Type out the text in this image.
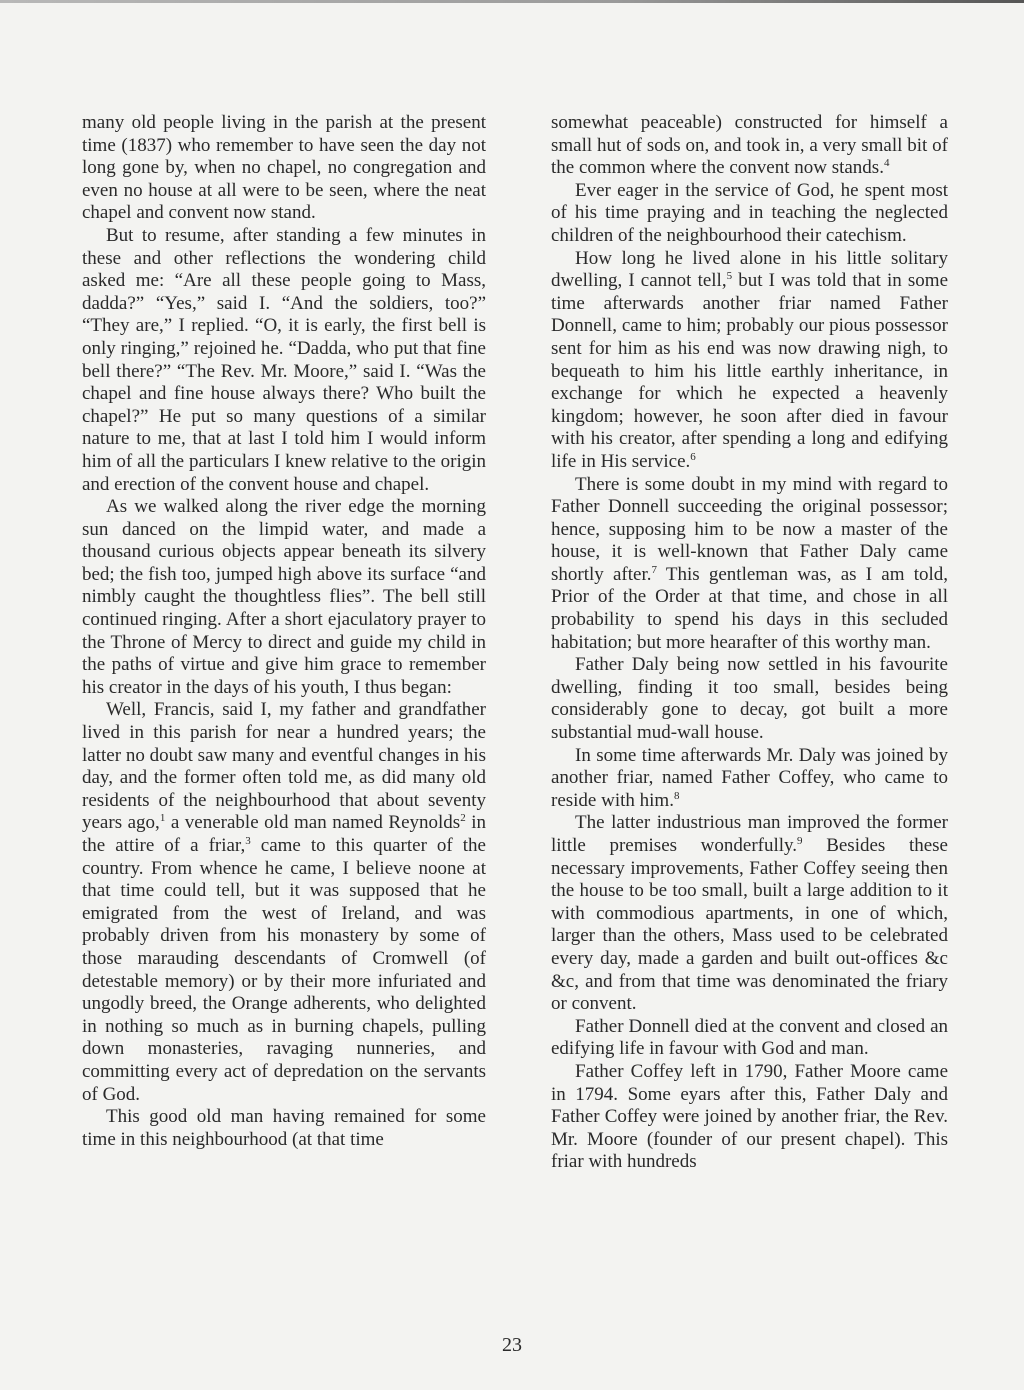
many old people living in the parish at the present time (1837) who remember to have seen the day not long gone by, when no chapel, no congregation and even no house at all were to be seen, where the neat chapel and convent now stand.

But to resume, after standing a few minutes in these and other reflections the wondering child asked me: “Are all these people going to Mass, dadda?” “Yes,” said I. “And the soldiers, too?” “They are,” I replied. “O, it is early, the first bell is only ringing,” rejoined he. “Dadda, who put that fine bell there?” “The Rev. Mr. Moore,” said I. “Was the chapel and fine house always there? Who built the chapel?” He put so many questions of a similar nature to me, that at last I told him I would inform him of all the particulars I knew relative to the origin and erection of the convent house and chapel.

As we walked along the river edge the morning sun danced on the limpid water, and made a thousand curious objects appear beneath its silvery bed; the fish too, jumped high above its surface “and nimbly caught the thoughtless flies”. The bell still continued ringing. After a short ejaculatory prayer to the Throne of Mercy to direct and guide my child in the paths of virtue and give him grace to remember his creator in the days of his youth, I thus began:

Well, Francis, said I, my father and grandfather lived in this parish for near a hundred years; the latter no doubt saw many and eventful changes in his day, and the former often told me, as did many old residents of the neighbourhood that about seventy years ago,$^1$ a venerable old man named Reynolds$^2$ in the attire of a friar,$^3$ came to this quarter of the country. From whence he came, I believe noone at that time could tell, but it was supposed that he emigrated from the west of Ireland, and was probably driven from his monastery by some of those marauding descendants of Cromwell (of detestable memory) or by their more infuriated and ungodly breed, the Orange adherents, who delighted in nothing so much as in burning chapels, pulling down monasteries, ravaging nunneries, and committing every act of depredation on the servants of God.

This good old man having remained for some time in this neighbourhood (at that time

somewhat peaceable) constructed for himself a small hut of sods on, and took in, a very small bit of the common where the convent now stands.$^4$

Ever eager in the service of God, he spent most of his time praying and in teaching the neglected children of the neighbourhood their catechism.

How long he lived alone in his little solitary dwelling, I cannot tell,$^5$ but I was told that in some time afterwards another friar named Father Donnell, came to him; probably our pious possessor sent for him as his end was now drawing nigh, to bequeath to him his little earthly inheritance, in exchange for which he expected a heavenly kingdom; however, he soon after died in favour with his creator, after spending a long and edifying life in His service.$^6$

There is some doubt in my mind with regard to Father Donnell succeeding the original possessor; hence, supposing him to be now a master of the house, it is well-known that Father Daly came shortly after.$^7$ This gentleman was, as I am told, Prior of the Order at that time, and chose in all probability to spend his days in this secluded habitation; but more hearafter of this worthy man.

Father Daly being now settled in his favourite dwelling, finding it too small, besides being considerably gone to decay, got built a more substantial mud-wall house.

In some time afterwards Mr. Daly was joined by another friar, named Father Coffey, who came to reside with him.$^8$

The latter industrious man improved the former little premises wonderfully.$^9$ Besides these necessary improvements, Father Coffey seeing then the house to be too small, built a large addition to it with commodious apartments, in one of which, larger than the others, Mass used to be celebrated every day, made a garden and built out-offices &c &c, and from that time was denominated the friary or convent.

Father Donnell died at the convent and closed an edifying life in favour with God and man.

Father Coffey left in 1790, Father Moore came in 1794. Some eyars after this, Father Daly and Father Coffey were joined by another friar, the Rev. Mr. Moore (founder of our present chapel). This friar with hundreds

23
